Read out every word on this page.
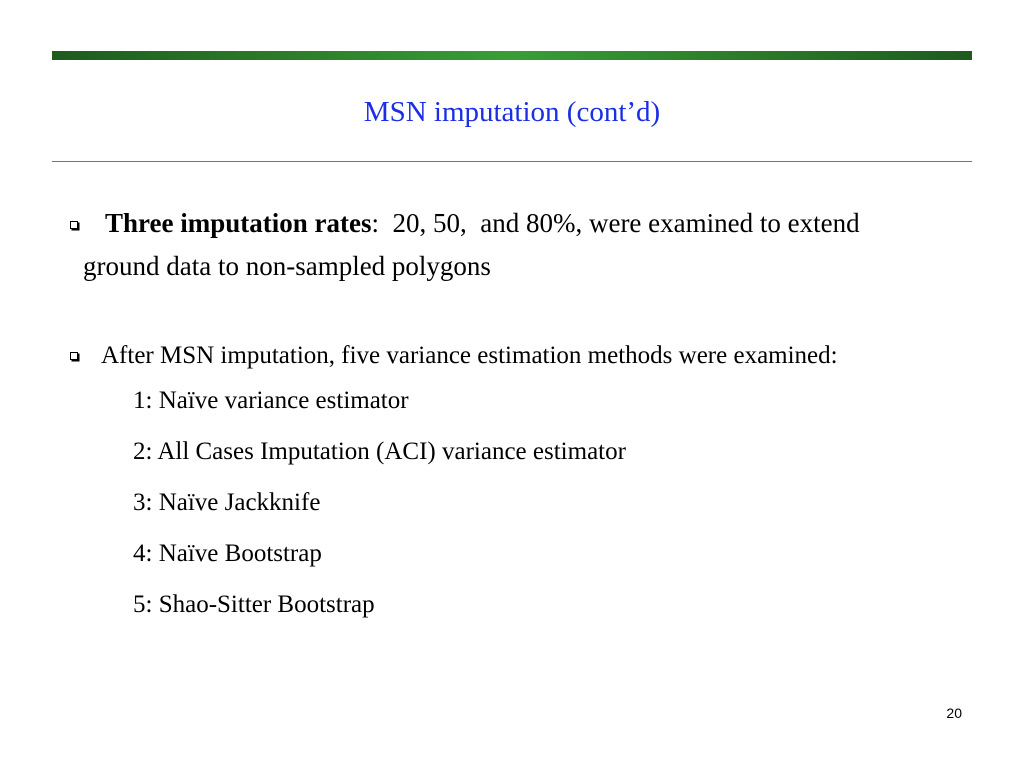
MSN imputation (cont’d)
Three imputation rates:  20, 50,  and 80%, were examined to extend
ground data to non-sampled polygons
After MSN imputation, five variance estimation methods were examined:
1: Naïve variance estimator
2: All Cases Imputation (ACI) variance estimator
3: Naïve Jackknife
4: Naïve Bootstrap
5: Shao-Sitter Bootstrap
20
